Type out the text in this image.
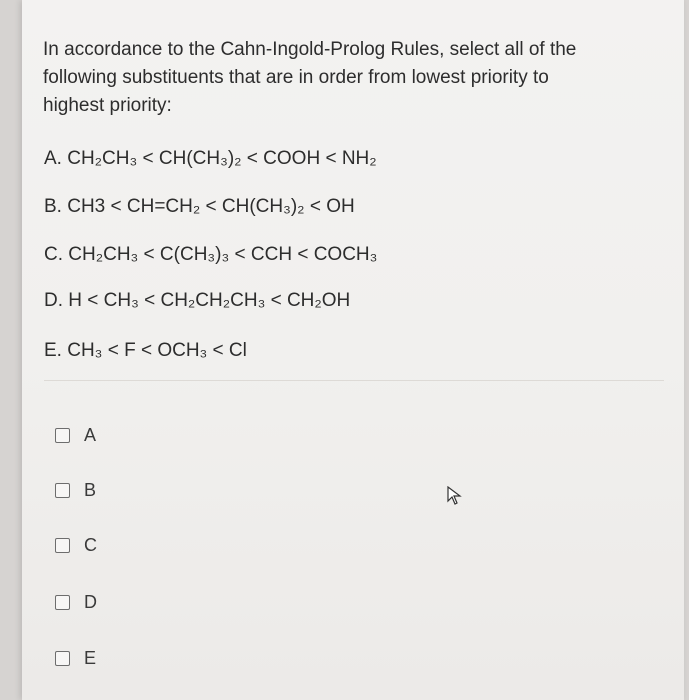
In accordance to the Cahn-Ingold-Prolog Rules, select all of the
following substituents that are in order from lowest priority to
highest priority:
A. CH₂CH₃ < CH(CH₃)₂ < COOH < NH₂
B. CH3 < CH=CH₂ < CH(CH₃)₂ < OH
C. CH₂CH₃ < C(CH₃)₃ < CCH < COCH₃
D. H < CH₃ < CH₂CH₂CH₃ < CH₂OH
E. CH₃ < F < OCH₃ < Cl
A
B
C
D
E
